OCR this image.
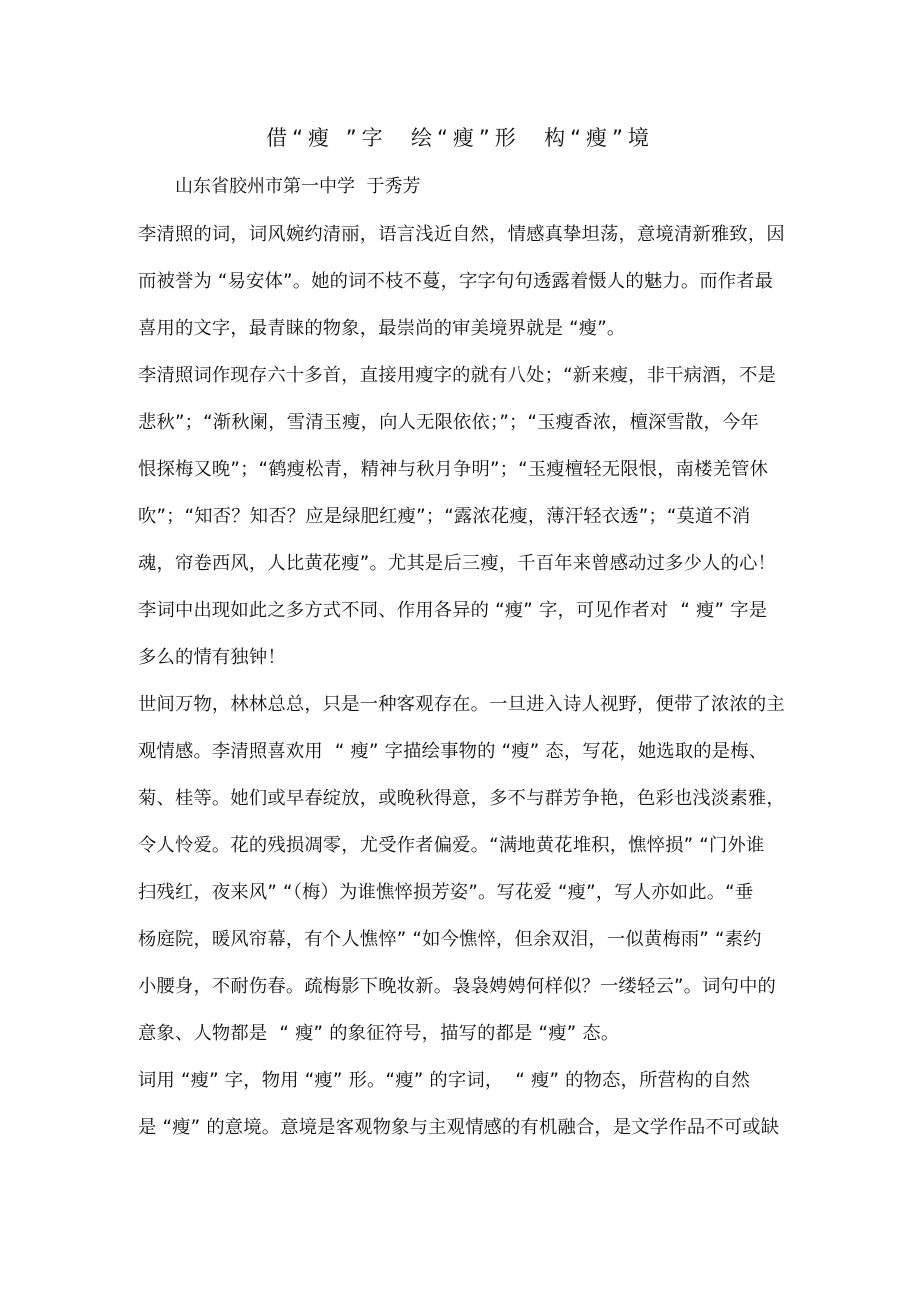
借“瘦 ”字  绘“瘦”形  构“瘦”境
山东省胶州市第一中学  于秀芳
李清照的词，词风婉约清丽，语言浅近自然，情感真挚坦荡，意境清新雅致，因
而被誉为 “易安体”。她的词不枝不蔓，字字句句透露着慑人的魅力。而作者最
喜用的文字，最青睐的物象，最崇尚的审美境界就是 “瘦”。
李清照词作现存六十多首，直接用瘦字的就有八处；“新来瘦，非干病酒，不是
悲秋”；“渐秋阑，雪清玉瘦，向人无限依依；”；“玉瘦香浓，檀深雪散，今年
恨探梅又晚”；“鹤瘦松青，精神与秋月争明”；“玉瘦檀轻无限恨，南楼羌管休
吹”；“知否？知否？应是绿肥红瘦”；“露浓花瘦，薄汗轻衣透”；“莫道不消
魂，帘卷西风，人比黄花瘦”。尤其是后三瘦，千百年来曾感动过多少人的心！
李词中出现如此之多方式不同、作用各异的 “瘦” 字，可见作者对  “ 瘦” 字是
多么的情有独钟！
世间万物，林林总总，只是一种客观存在。一旦进入诗人视野，便带了浓浓的主
观情感。李清照喜欢用  “ 瘦” 字描绘事物的 “瘦” 态，写花，她选取的是梅、
菊、桂等。她们或早春绽放，或晚秋得意，多不与群芳争艳，色彩也浅淡素雅，
令人怜爱。花的残损凋零，尤受作者偏爱。“满地黄花堆积，憔悴损” “门外谁
扫残红，夜来风” “（梅）为谁憔悴损芳姿”。写花爱 “瘦”，写人亦如此。“垂
杨庭院，暖风帘幕，有个人憔悴” “如今憔悴，但余双泪，一似黄梅雨” “素约
小腰身，不耐伤春。疏梅影下晚妆新。袅袅娉娉何样似？一缕轻云”。词句中的
意象、人物都是  “ 瘦” 的象征符号，描写的都是 “瘦” 态。
词用 “瘦” 字，物用 “瘦” 形。“瘦” 的字词，  “ 瘦” 的物态，所营构的自然
是 “瘦” 的意境。意境是客观物象与主观情感的有机融合，是文学作品不可或缺
